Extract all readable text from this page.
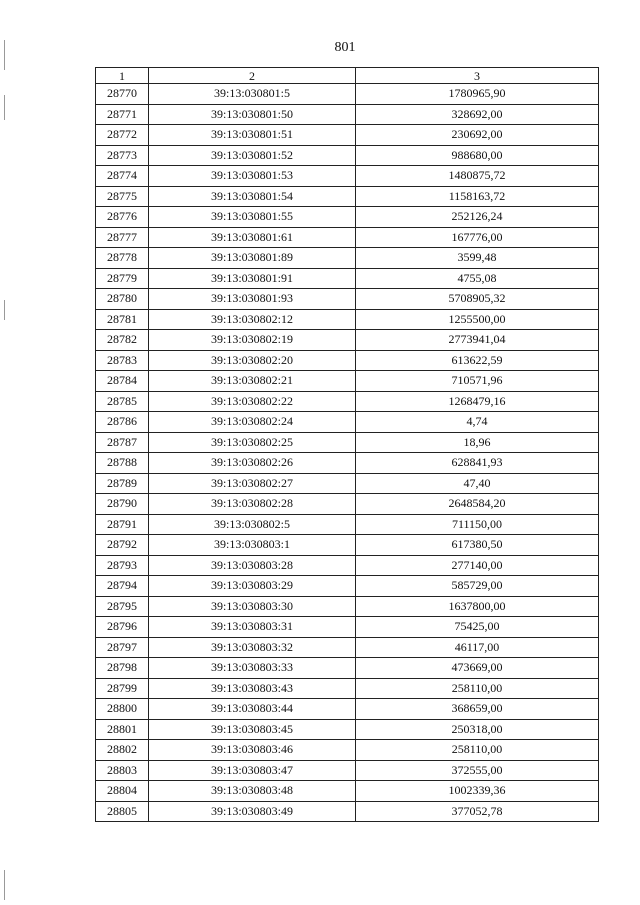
801
1	2	3
28770	39:13:030801:5	1780965,90
28771	39:13:030801:50	328692,00
28772	39:13:030801:51	230692,00
28773	39:13:030801:52	988680,00
28774	39:13:030801:53	1480875,72
28775	39:13:030801:54	1158163,72
28776	39:13:030801:55	252126,24
28777	39:13:030801:61	167776,00
28778	39:13:030801:89	3599,48
28779	39:13:030801:91	4755,08
28780	39:13:030801:93	5708905,32
28781	39:13:030802:12	1255500,00
28782	39:13:030802:19	2773941,04
28783	39:13:030802:20	613622,59
28784	39:13:030802:21	710571,96
28785	39:13:030802:22	1268479,16
28786	39:13:030802:24	4,74
28787	39:13:030802:25	18,96
28788	39:13:030802:26	628841,93
28789	39:13:030802:27	47,40
28790	39:13:030802:28	2648584,20
28791	39:13:030802:5	711150,00
28792	39:13:030803:1	617380,50
28793	39:13:030803:28	277140,00
28794	39:13:030803:29	585729,00
28795	39:13:030803:30	1637800,00
28796	39:13:030803:31	75425,00
28797	39:13:030803:32	46117,00
28798	39:13:030803:33	473669,00
28799	39:13:030803:43	258110,00
28800	39:13:030803:44	368659,00
28801	39:13:030803:45	250318,00
28802	39:13:030803:46	258110,00
28803	39:13:030803:47	372555,00
28804	39:13:030803:48	1002339,36
28805	39:13:030803:49	377052,78
